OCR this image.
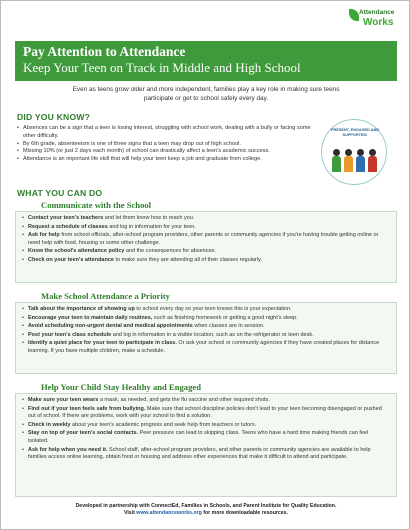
Attendance
Works
Pay Attention to Attendance
Keep Your Teen on Track in Middle and High School
Even as teens grow older and more independent, families play a key role in making sure teens participate or get to school safely every day.
DID YOU KNOW?
• Absences can be a sign that a teen is losing interest, struggling with school work, dealing with a bully or facing some other difficulty.
• By 6th grade, absenteeism is one of three signs that a teen may drop out of high school.
• Missing 10% (or just 2 days each month) of school can drastically affect a teen's academic success.
• Attendance is an important life skill that will help your teen keep a job and graduate from college.
PRESENT, ENGAGED AND SUPPORTED!
WHAT YOU CAN DO
Communicate with the School
• Contact your teen's teachers and let them know how to reach you.
• Request a schedule of classes and log in information for your teen.
• Ask for help from school officials, after-school program providers, other parents or community agencies if you're having trouble getting online or need help with food, housing or some other challenge.
• Know the school's attendance policy and the consequences for absences.
• Check on your teen's attendance to make sure they are attending all of their classes regularly.
Make School Attendance a Priority
• Talk about the importance of showing up to school every day so your teen knows this is your expectation.
• Encourage your teen to maintain daily routines, such as finishing homework or getting a good night's sleep.
• Avoid scheduling non-urgent dental and medical appointments when classes are in session.
• Post your teen's class schedule and log in information in a visible location, such as on the refrigerator or teen desk.
• Identify a quiet place for your teen to participate in class. Or ask your school or community agencies if they have created places for distance learning. If you have multiple children, make a schedule.
Help Your Child Stay Healthy and Engaged
• Make sure your teen wears a mask, as needed, and gets the flu vaccine and other required shots.
• Find out if your teen feels safe from bullying. Make sure that school discipline policies don't lead to your teen becoming disengaged or pushed out of school. If there are problems, work with your school to find a solution.
• Check in weekly about your teen's academic progress and seek help from teachers or tutors.
• Stay on top of your teen's social contacts. Peer pressure can lead to skipping class. Teens who have a hard time making friends can feel isolated.
• Ask for help when you need it. School staff, after-school program providers, and other parents or community agencies are available to help families access online learning, obtain food or housing and address other experiences that make it difficult to attend and participate.
Developed in partnership with ConnectEd, Families in Schools, and Parent Institute for Quality Education.
Visit www.attendanceworks.org for more downloadable resources.
